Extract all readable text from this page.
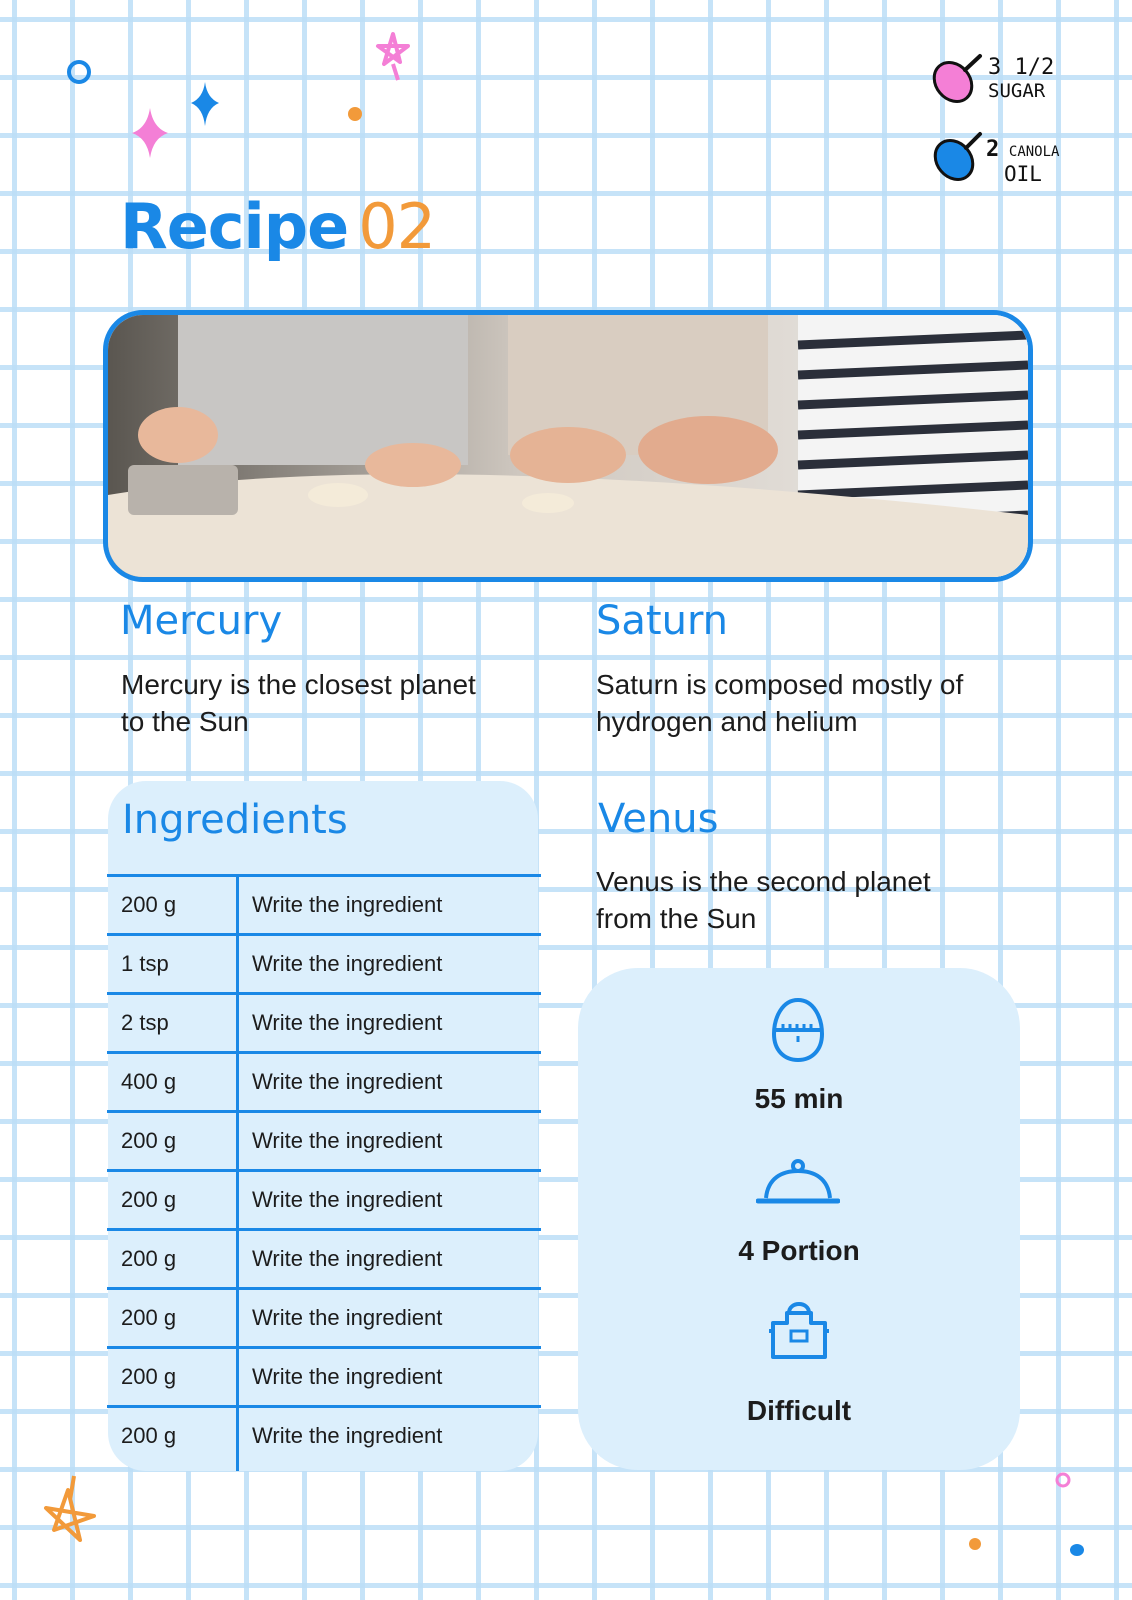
3 1/2
SUGAR
2 CANOLA
OIL
Recipe 02
Mercury
Mercury is the closest planet
to the Sun
Saturn
Saturn is composed mostly of
hydrogen and helium
Venus
Venus is the second planet
from the Sun
Ingredients
200 g	Write the ingredient
1 tsp	Write the ingredient
2 tsp	Write the ingredient
400 g	Write the ingredient
200 g	Write the ingredient
200 g	Write the ingredient
200 g	Write the ingredient
200 g	Write the ingredient
200 g	Write the ingredient
200 g	Write the ingredient
55 min
4 Portion
Difficult
